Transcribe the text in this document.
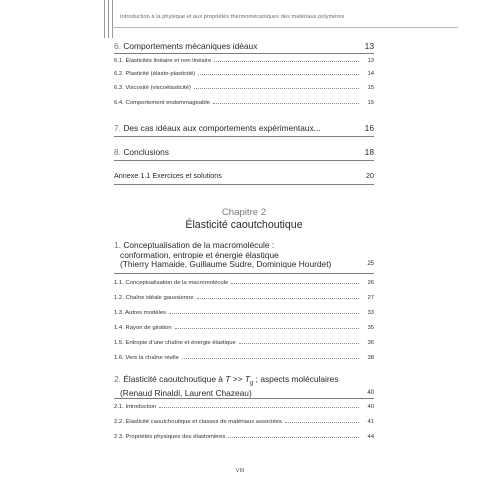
Introduction à la physique et aux propriétés thermomécaniques des matériaux polymères
6. Comportements mécaniques idéaux	13
6.1. Élasticités linéaire et non linéaire	13
6.2. Plasticité (élasto-plasticité)	14
6.3. Viscosité (viscoélasticité)	15
6.4. Comportement endommageable	15
7. Des cas idéaux aux comportements expérimentaux...	16
8. Conclusions	18
Annexe 1.1 Exercices et solutions	20
1. Conceptualisation de la macromolécule :
conformation, entropie et énergie élastique
(Thierry Hamaide, Guillaume Sudre, Dominique Hourdet)	25
1.1. Conceptualisation de la macromolécule	26
1.2. Chaîne idéale gaussienne	27
1.3. Autres modèles	33
1.4. Rayon de giration	35
1.5. Entropie d’une chaîne et énergie élastique	36
1.6. Vers la chaîne réelle	38
2. Élasticité caoutchoutique à $T >> T_g$ ; aspects moléculaires
(Renaud Rinaldi, Laurent Chazeau)	40
2.1. Introduction	40
2.2. Élasticité caoutchoutique et classes de matériaux associées	41
2.3. Propriétés physiques des élastomères	44
Chapitre 2
Élasticité caoutchoutique
VIII
